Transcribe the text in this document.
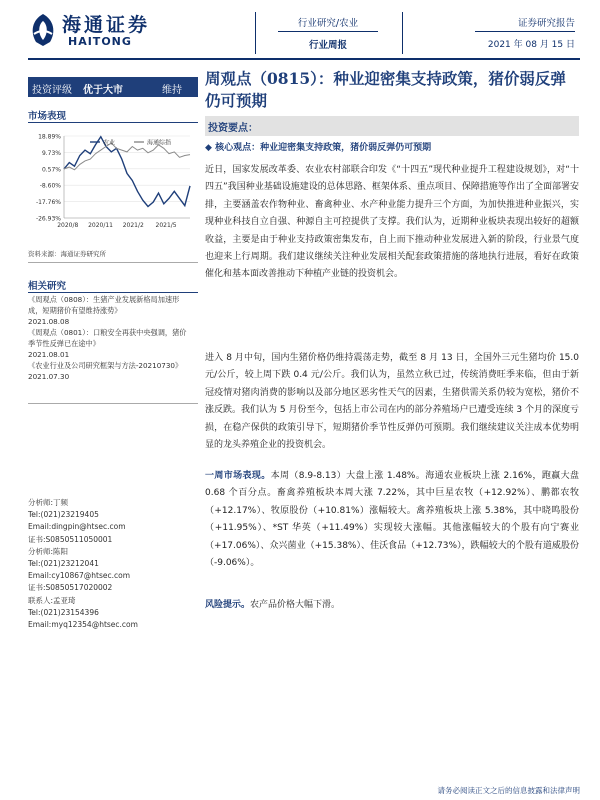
海通证券
HAITONG
行业研究/农业
行业周报
证券研究报告
2021 年 08 月 15 日
投资评级 优于大市	维持
周观点（0815）：种业迎密集支持政策，猪价弱反弹仍可预期
市场表现
18.89%
9.73%
0.57%
-8.60%
-17.76%
-26.93%
2020/8 2020/11 2021/2 2021/5
农业	海通综指
资料来源：海通证券研究所
相关研究
《周观点（0808）：生猪产业发展新格局加速形成，短期猪价有望维持涨势》
2021.08.08
《周观点（0801）：口粮安全再获中央强调，猪价季节性反弹已在途中》
2021.08.01
《农业行业及公司研究框架与方法-20210730》
2021.07.30
分析师:丁频
Tel:(021)23219405
Email:dingpin@htsec.com
证书:S0850511050001
分析师:陈阳
Tel:(021)23212041
Email:cy10867@htsec.com
证书:S0850517020002
联系人:孟亚琦
Tel:(021)23154396
Email:myq12354@htsec.com
投资要点：
◆ 核心观点：种业迎密集支持政策，猪价弱反弹仍可预期
近日，国家发展改革委、农业农村部联合印发《“十四五”现代种业提升工程建设规划》，对“十四五”我国种业基础设施建设的总体思路、框架体系、重点项目、保障措施等作出了全面部署安排，主要涵盖农作物种业、畜禽种业、水产种业能力提升三个方面，为加快推进种业振兴，实现种业科技自立自强、种源自主可控提供了支撑。我们认为，近期种业板块表现出较好的超额收益，主要是由于种业支持政策密集发布，自上而下推动种业发展进入新的阶段，行业景气度也迎来上行周期。我们建议继续关注种业发展相关配套政策措施的落地执行进展，看好在政策催化和基本面改善推动下种植产业链的投资机会。
进入 8 月中旬，国内生猪价格仍维持震荡走势，截至 8 月 13 日，全国外三元生猪均价 15.0 元/公斤，较上周下跌 0.4 元/公斤。我们认为，虽然立秋已过，传统消费旺季来临，但由于新冠疫情对猪肉消费的影响以及部分地区恶劣性天气的因素，生猪供需关系仍较为宽松，猪价不涨反跌。我们认为 5 月份至今，包括上市公司在内的部分养殖场户已遭受连续 3 个月的深度亏损，在稳产保供的政策引导下，短期猪价季节性反弹仍可预期。我们继续建议关注成本优势明显的龙头养殖企业的投资机会。
一周市场表现。本周（8.9-8.13）大盘上涨 1.48%。海通农业板块上涨 2.16%，跑赢大盘 0.68 个百分点。畜禽养殖板块本周大涨 7.22%，其中巨星农牧（+12.92%）、鹏都农牧（+12.17%）、牧原股份（+10.81%）涨幅较大。禽养殖板块上涨 5.38%，其中晓鸣股份（+11.95%）、*ST 华英（+11.49%）实现较大涨幅。其他涨幅较大的个股有向宁赛业（+17.06%）、众兴菌业（+15.38%）、佳沃食品（+12.73%），跌幅较大的个股有道威股份（-9.06%）。
风险提示。农产品价格大幅下滑。
请务必阅读正文之后的信息披露和法律声明
